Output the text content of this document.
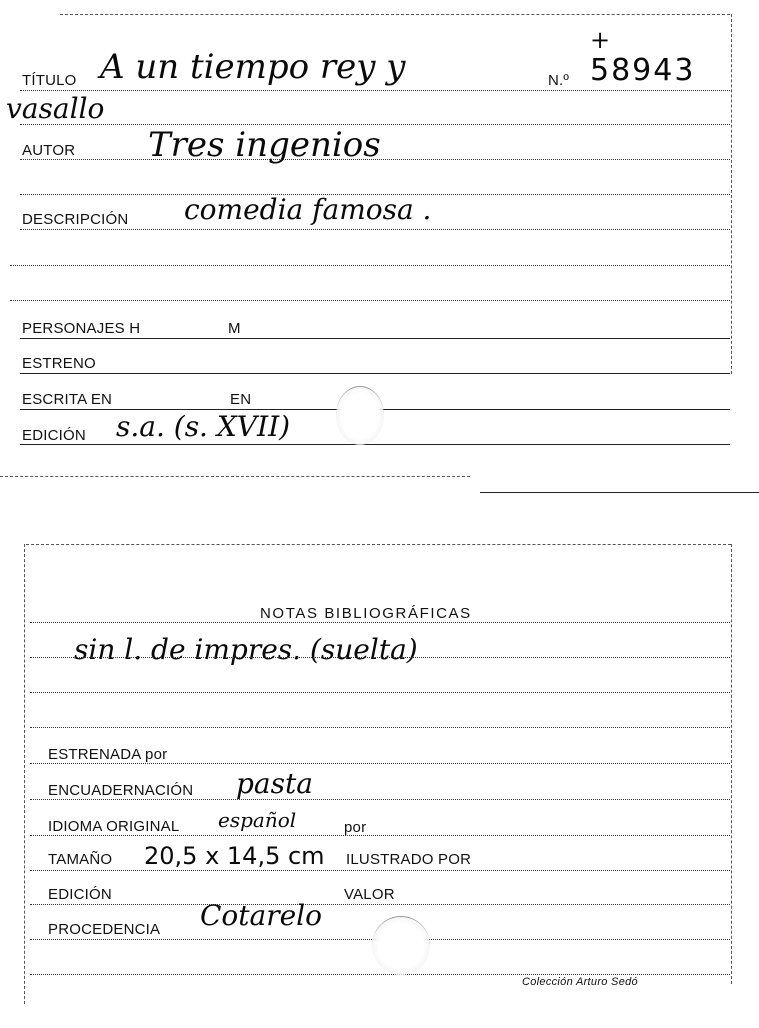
TÍTULO A un tiempo rey y	N.º
+
58943
vasallo
AUTOR Tres ingenios
DESCRIPCIÓN comedia famosa .
PERSONAJES H	M
ESTRENO
ESCRITA EN	EN
EDICIÓN s.a. (s. XVII)
NOTAS BIBLIOGRÁFICAS
sin l. de impres. (suelta)
ESTRENADA por
ENCUADERNACIÓN pasta
IDIOMA ORIGINAL español	por
TAMAÑO 20,5 x 14,5 cm ILUSTRADO POR
EDICIÓN	VALOR
PROCEDENCIA Cotarelo
Colección Arturo Sedó
